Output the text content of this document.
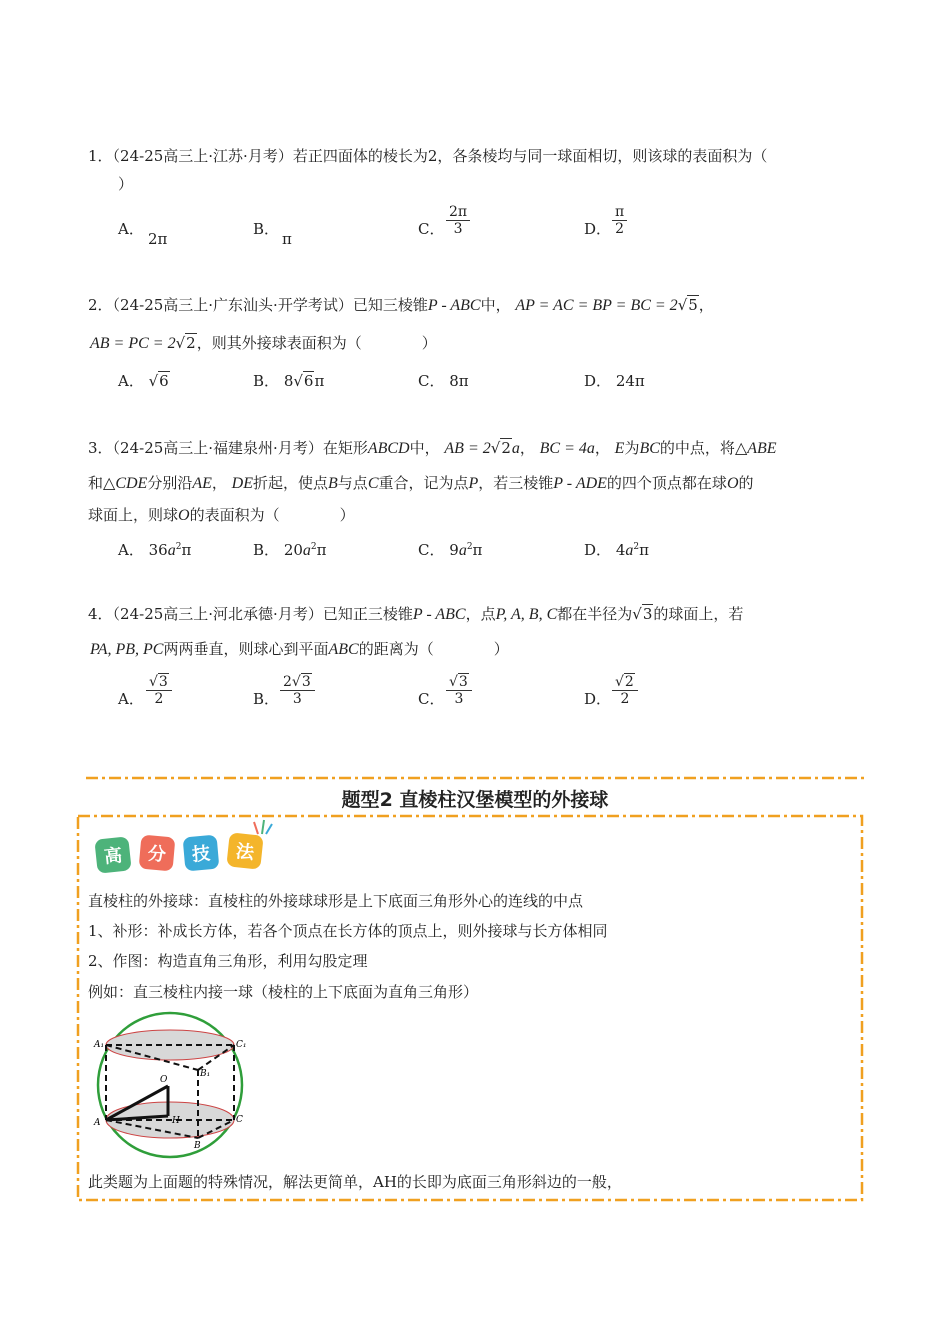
1．（24-25高三上·江苏·月考）若正四面体的棱长为2，各条棱均与同一球面相切，则该球的表面积为（
）
A．
2π
B．
π
C． $\frac{2\pi}{3}$	D． $\frac{\pi}{2}$
2．（24-25高三上·广东汕头·开学考试）已知三棱锥P - ABC中， AP = AC = BP = BC = 2√5，
AB = PC = 2√2，则其外接球表面积为（　　　　）
A． √6	B． 8√6π	C． 8π	D． 24π
3．（24-25高三上·福建泉州·月考）在矩形ABCD中， AB = 2√2a， BC = 4a， E为BC的中点，将△ABE
和△CDE分别沿AE， DE折起，使点B与点C重合，记为点P，若三棱锥P - ADE的四个顶点都在球O的
球面上，则球O的表面积为（　　　　）
A． $36a^2\pi$	B． $20a^2\pi$	C． $9a^2\pi$	D． $4a^2\pi$
4．（24-25高三上·河北承德·月考）已知正三棱锥P - ABC，点P, A, B, C都在半径为√3的球面上，若
PA, PB, PC两两垂直，则球心到平面ABC的距离为（　　　　）
A． $\frac{√3}{2}$	B． $\frac{2√3}{3}$	C． $\frac{√3}{3}$	D． $\frac{√2}{2}$
题型2 直棱柱汉堡模型的外接球
高	分	技	法
直棱柱的外接球：直棱柱的外接球球形是上下底面三角形外心的连线的中点
1、补形：补成长方体，若各个顶点在长方体的顶点上，则外接球与长方体相同
2、作图：构造直角三角形，利用勾股定理
例如：直三棱柱内接一球（棱柱的上下底面为直角三角形）
A₁	C₁
B₁
O
A	H	C
B
此类题为上面题的特殊情况，解法更简单，AH的长即为底面三角形斜边的一般，
